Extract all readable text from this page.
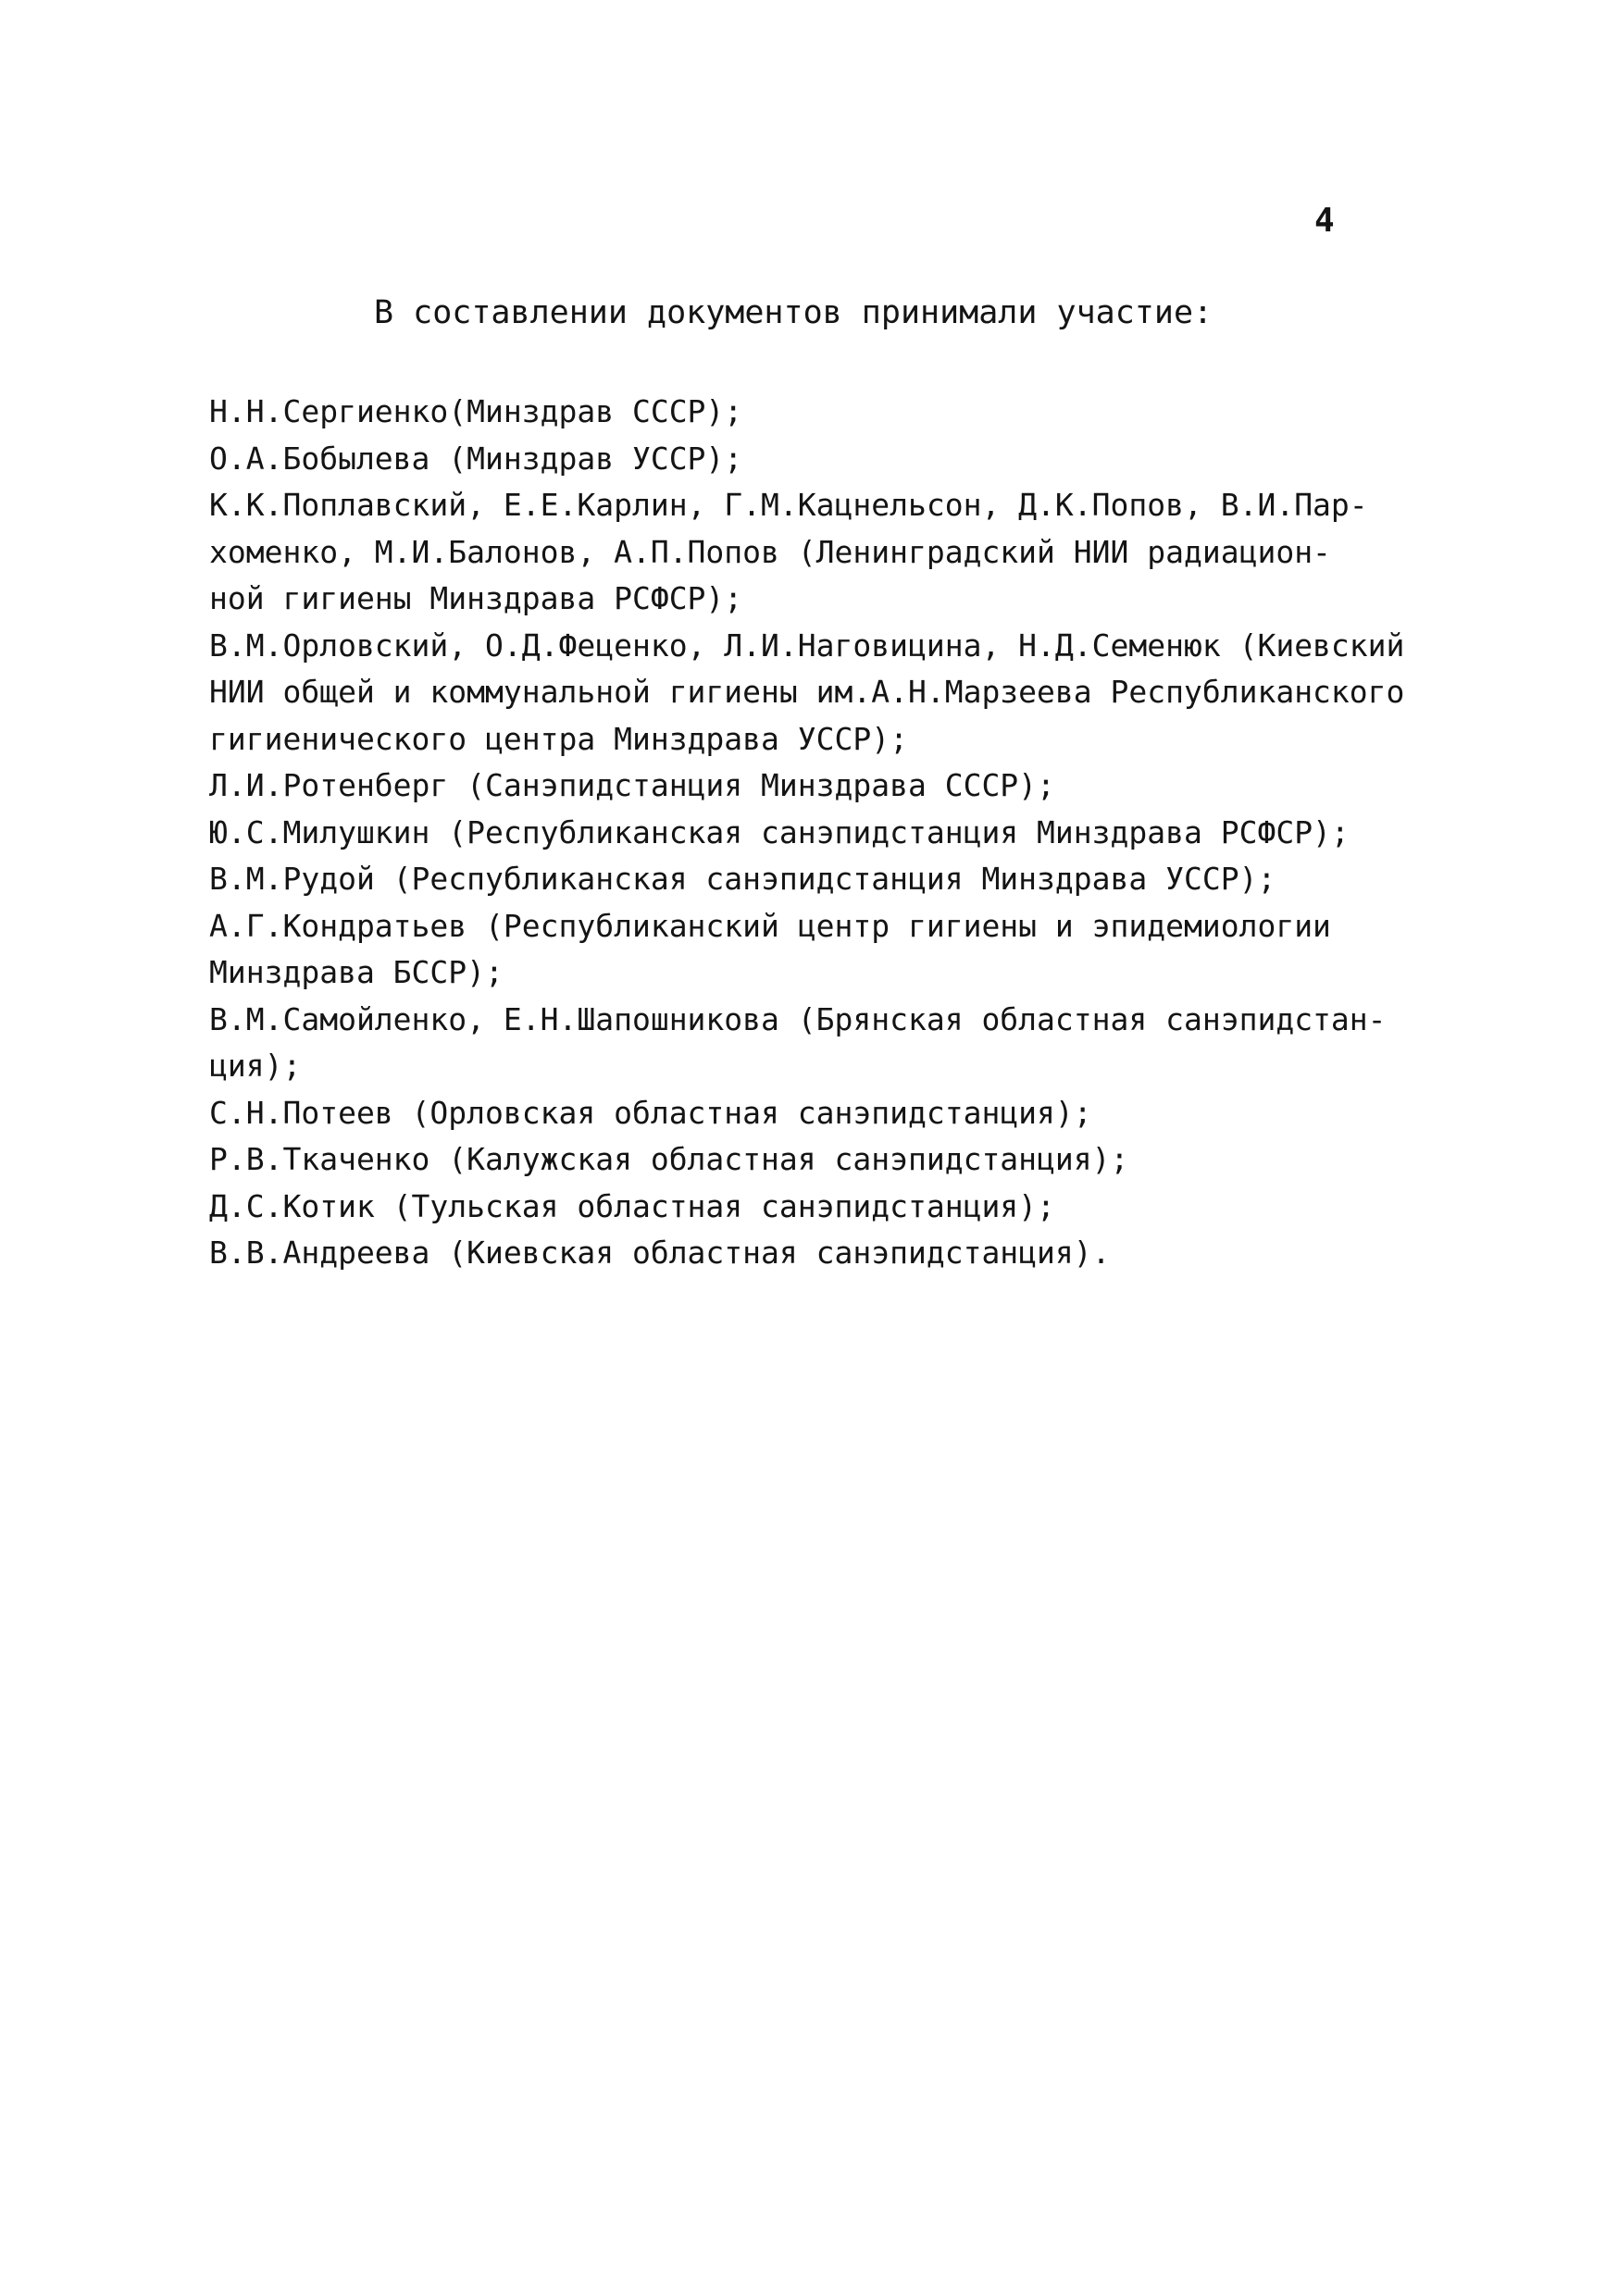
4
В составлении документов принимали участие:
Н.Н.Сергиенко(Минздрав СССР);
О.А.Бобылева (Минздрав УССР);
К.К.Поплавский, Е.Е.Карлин, Г.М.Кацнельсон, Д.К.Попов, В.И.Пар-
хоменко, М.И.Балонов, А.П.Попов (Ленинградский НИИ радиацион-
ной гигиены Минздрава РСФСР);
В.М.Орловский, О.Д.Феценко, Л.И.Наговицина, Н.Д.Семенюк (Киевский
НИИ общей и коммунальной гигиены им.А.Н.Марзеева Республиканского
гигиенического центра Минздрава УССР);
Л.И.Ротенберг (Санэпидстанция Минздрава СССР);
Ю.С.Милушкин (Республиканская санэпидстанция Минздрава РСФСР);
В.М.Рудой (Республиканская санэпидстанция Минздрава УССР);
А.Г.Кондратьев (Республиканский центр гигиены и эпидемиологии
Минздрава БССР);
В.М.Самойленко, Е.Н.Шапошникова (Брянская областная санэпидстан-
ция);
С.Н.Потеев (Орловская областная санэпидстанция);
Р.В.Ткаченко (Калужская областная санэпидстанция);
Д.С.Котик (Тульская областная санэпидстанция);
В.В.Андреева (Киевская областная санэпидстанция).
